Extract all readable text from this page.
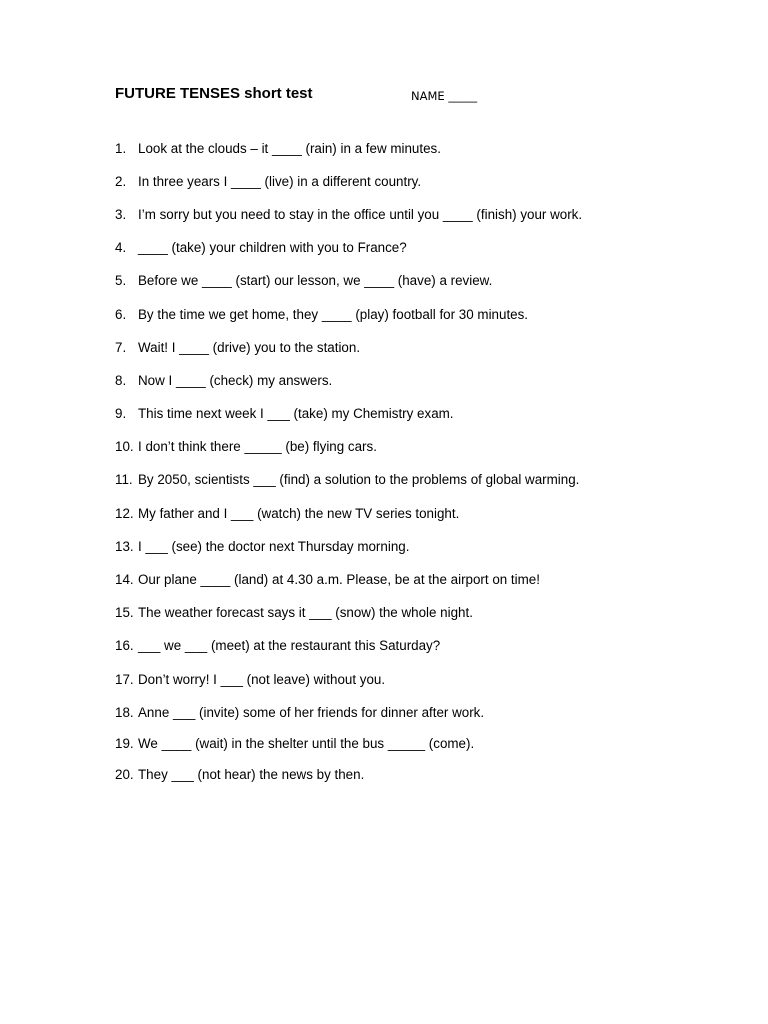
FUTURE TENSES short test	NAME _____
1. Look at the clouds – it ____ (rain) in a few minutes.
2. In three years I ____ (live) in a different country.
3. I’m sorry but you need to stay in the office until you ____ (finish) your work.
4. ____ (take) your children with you to France?
5. Before we ____ (start) our lesson, we ____ (have) a review.
6. By the time we get home, they ____ (play) football for 30 minutes.
7. Wait! I ____ (drive) you to the station.
8. Now I ____ (check) my answers.
9. This time next week I ___ (take) my Chemistry exam.
10. I don’t think there _____ (be) flying cars.
11. By 2050, scientists ___ (find) a solution to the problems of global warming.
12. My father and I ___ (watch) the new TV series tonight.
13. I ___ (see) the doctor next Thursday morning.
14. Our plane ____ (land) at 4.30 a.m. Please, be at the airport on time!
15. The weather forecast says it ___ (snow) the whole night.
16. ___ we ___ (meet) at the restaurant this Saturday?
17. Don’t worry! I ___ (not leave) without you.
18. Anne ___ (invite) some of her friends for dinner after work.
19. We ____ (wait) in the shelter until the bus _____ (come).
20. They ___ (not hear) the news by then.
